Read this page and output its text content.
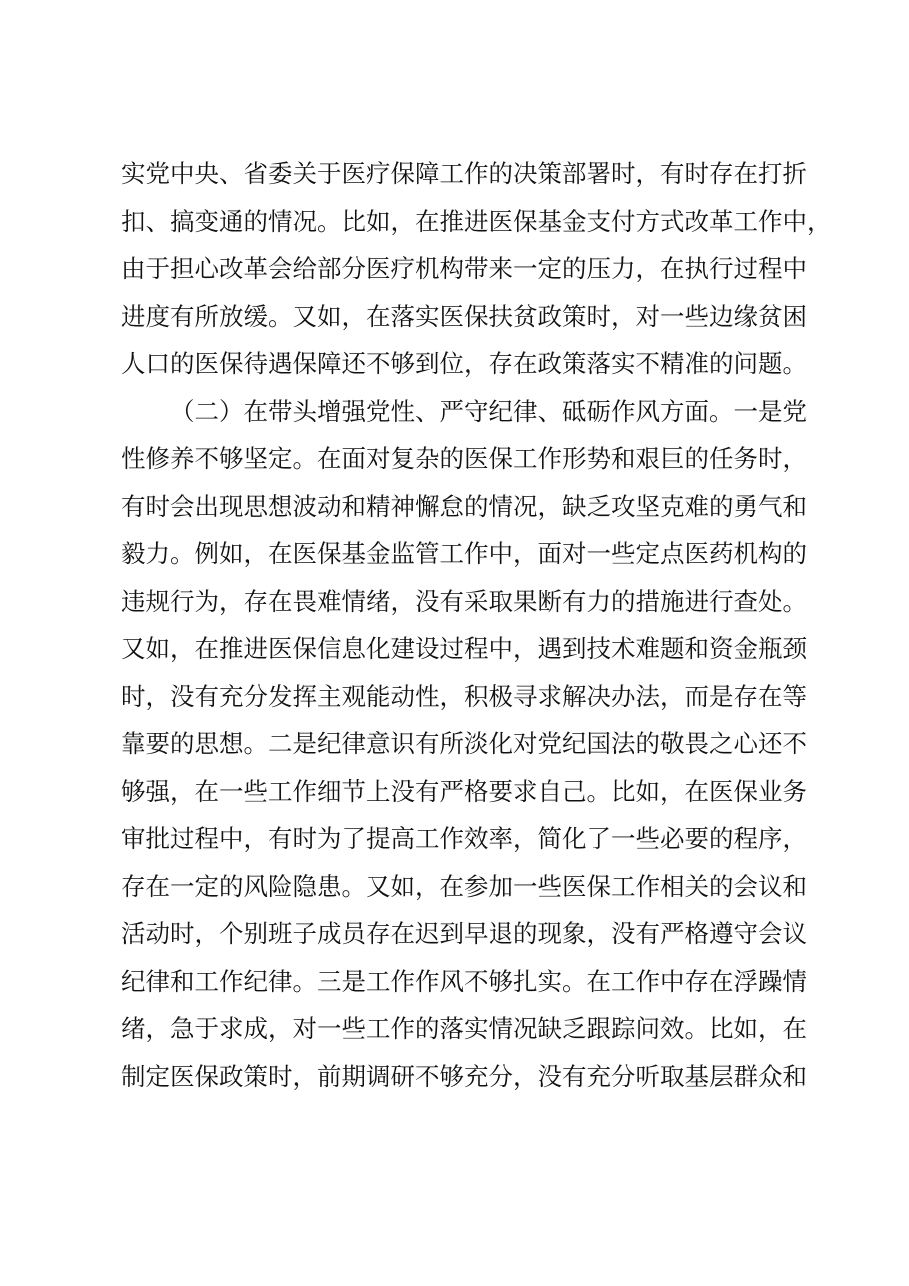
实党中央、省委关于医疗保障工作的决策部署时，有时存在打折
扣、搞变通的情况。比如，在推进医保基金支付方式改革工作中，
由于担心改革会给部分医疗机构带来一定的压力，在执行过程中
进度有所放缓。又如，在落实医保扶贫政策时，对一些边缘贫困
人口的医保待遇保障还不够到位，存在政策落实不精准的问题。
（二）在带头增强党性、严守纪律、砥砺作风方面。一是党
性修养不够坚定。在面对复杂的医保工作形势和艰巨的任务时，
有时会出现思想波动和精神懈怠的情况，缺乏攻坚克难的勇气和
毅力。例如，在医保基金监管工作中，面对一些定点医药机构的
违规行为，存在畏难情绪，没有采取果断有力的措施进行查处。
又如，在推进医保信息化建设过程中，遇到技术难题和资金瓶颈
时，没有充分发挥主观能动性，积极寻求解决办法，而是存在等
靠要的思想。二是纪律意识有所淡化对党纪国法的敬畏之心还不
够强，在一些工作细节上没有严格要求自己。比如，在医保业务
审批过程中，有时为了提高工作效率，简化了一些必要的程序，
存在一定的风险隐患。又如，在参加一些医保工作相关的会议和
活动时，个别班子成员存在迟到早退的现象，没有严格遵守会议
纪律和工作纪律。三是工作作风不够扎实。在工作中存在浮躁情
绪，急于求成，对一些工作的落实情况缺乏跟踪问效。比如，在
制定医保政策时，前期调研不够充分，没有充分听取基层群众和
